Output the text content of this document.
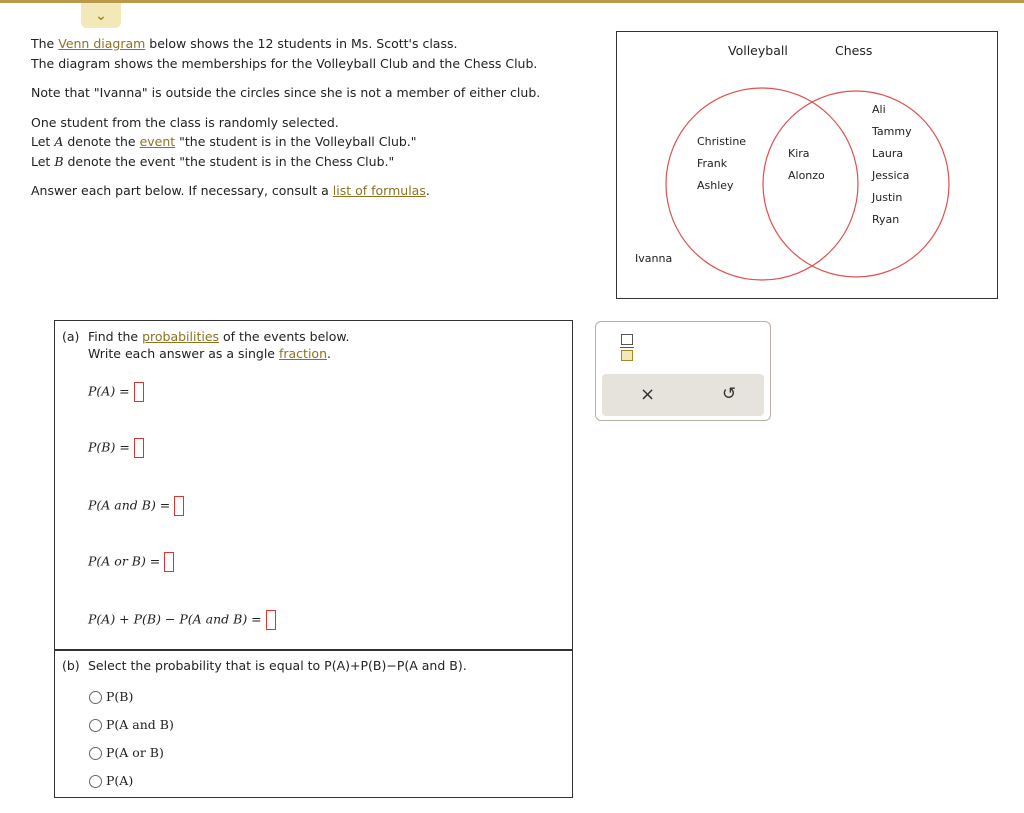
⌄

The Venn diagram below shows the 12 students in Ms. Scott's class.

The diagram shows the memberships for the Volleyball Club and the Chess Club.

Note that "Ivanna" is outside the circles since she is not a member of either club.

One student from the class is randomly selected.

Let A denote the event "the student is in the Volleyball Club."

Let B denote the event "the student is in the Chess Club."

Answer each part below. If necessary, consult a list of formulas.

Volleyball	Chess
Christine
Frank
Ashley
Kira
Alonzo
Ali
Tammy
Laura
Jessica
Justin
Ryan
Ivanna
(a) Find the probabilities of the events below.
Write each answer as a single fraction.
P(A) =
P(B) =
P(A and B) =
P(A or B) =
P(A) + P(B) − P(A and B) =
(b) Select the probability that is equal to P(A)+P(B)−P(A and B).
P(B)
P(A and B)
P(A or B)
P(A)
×	↺
